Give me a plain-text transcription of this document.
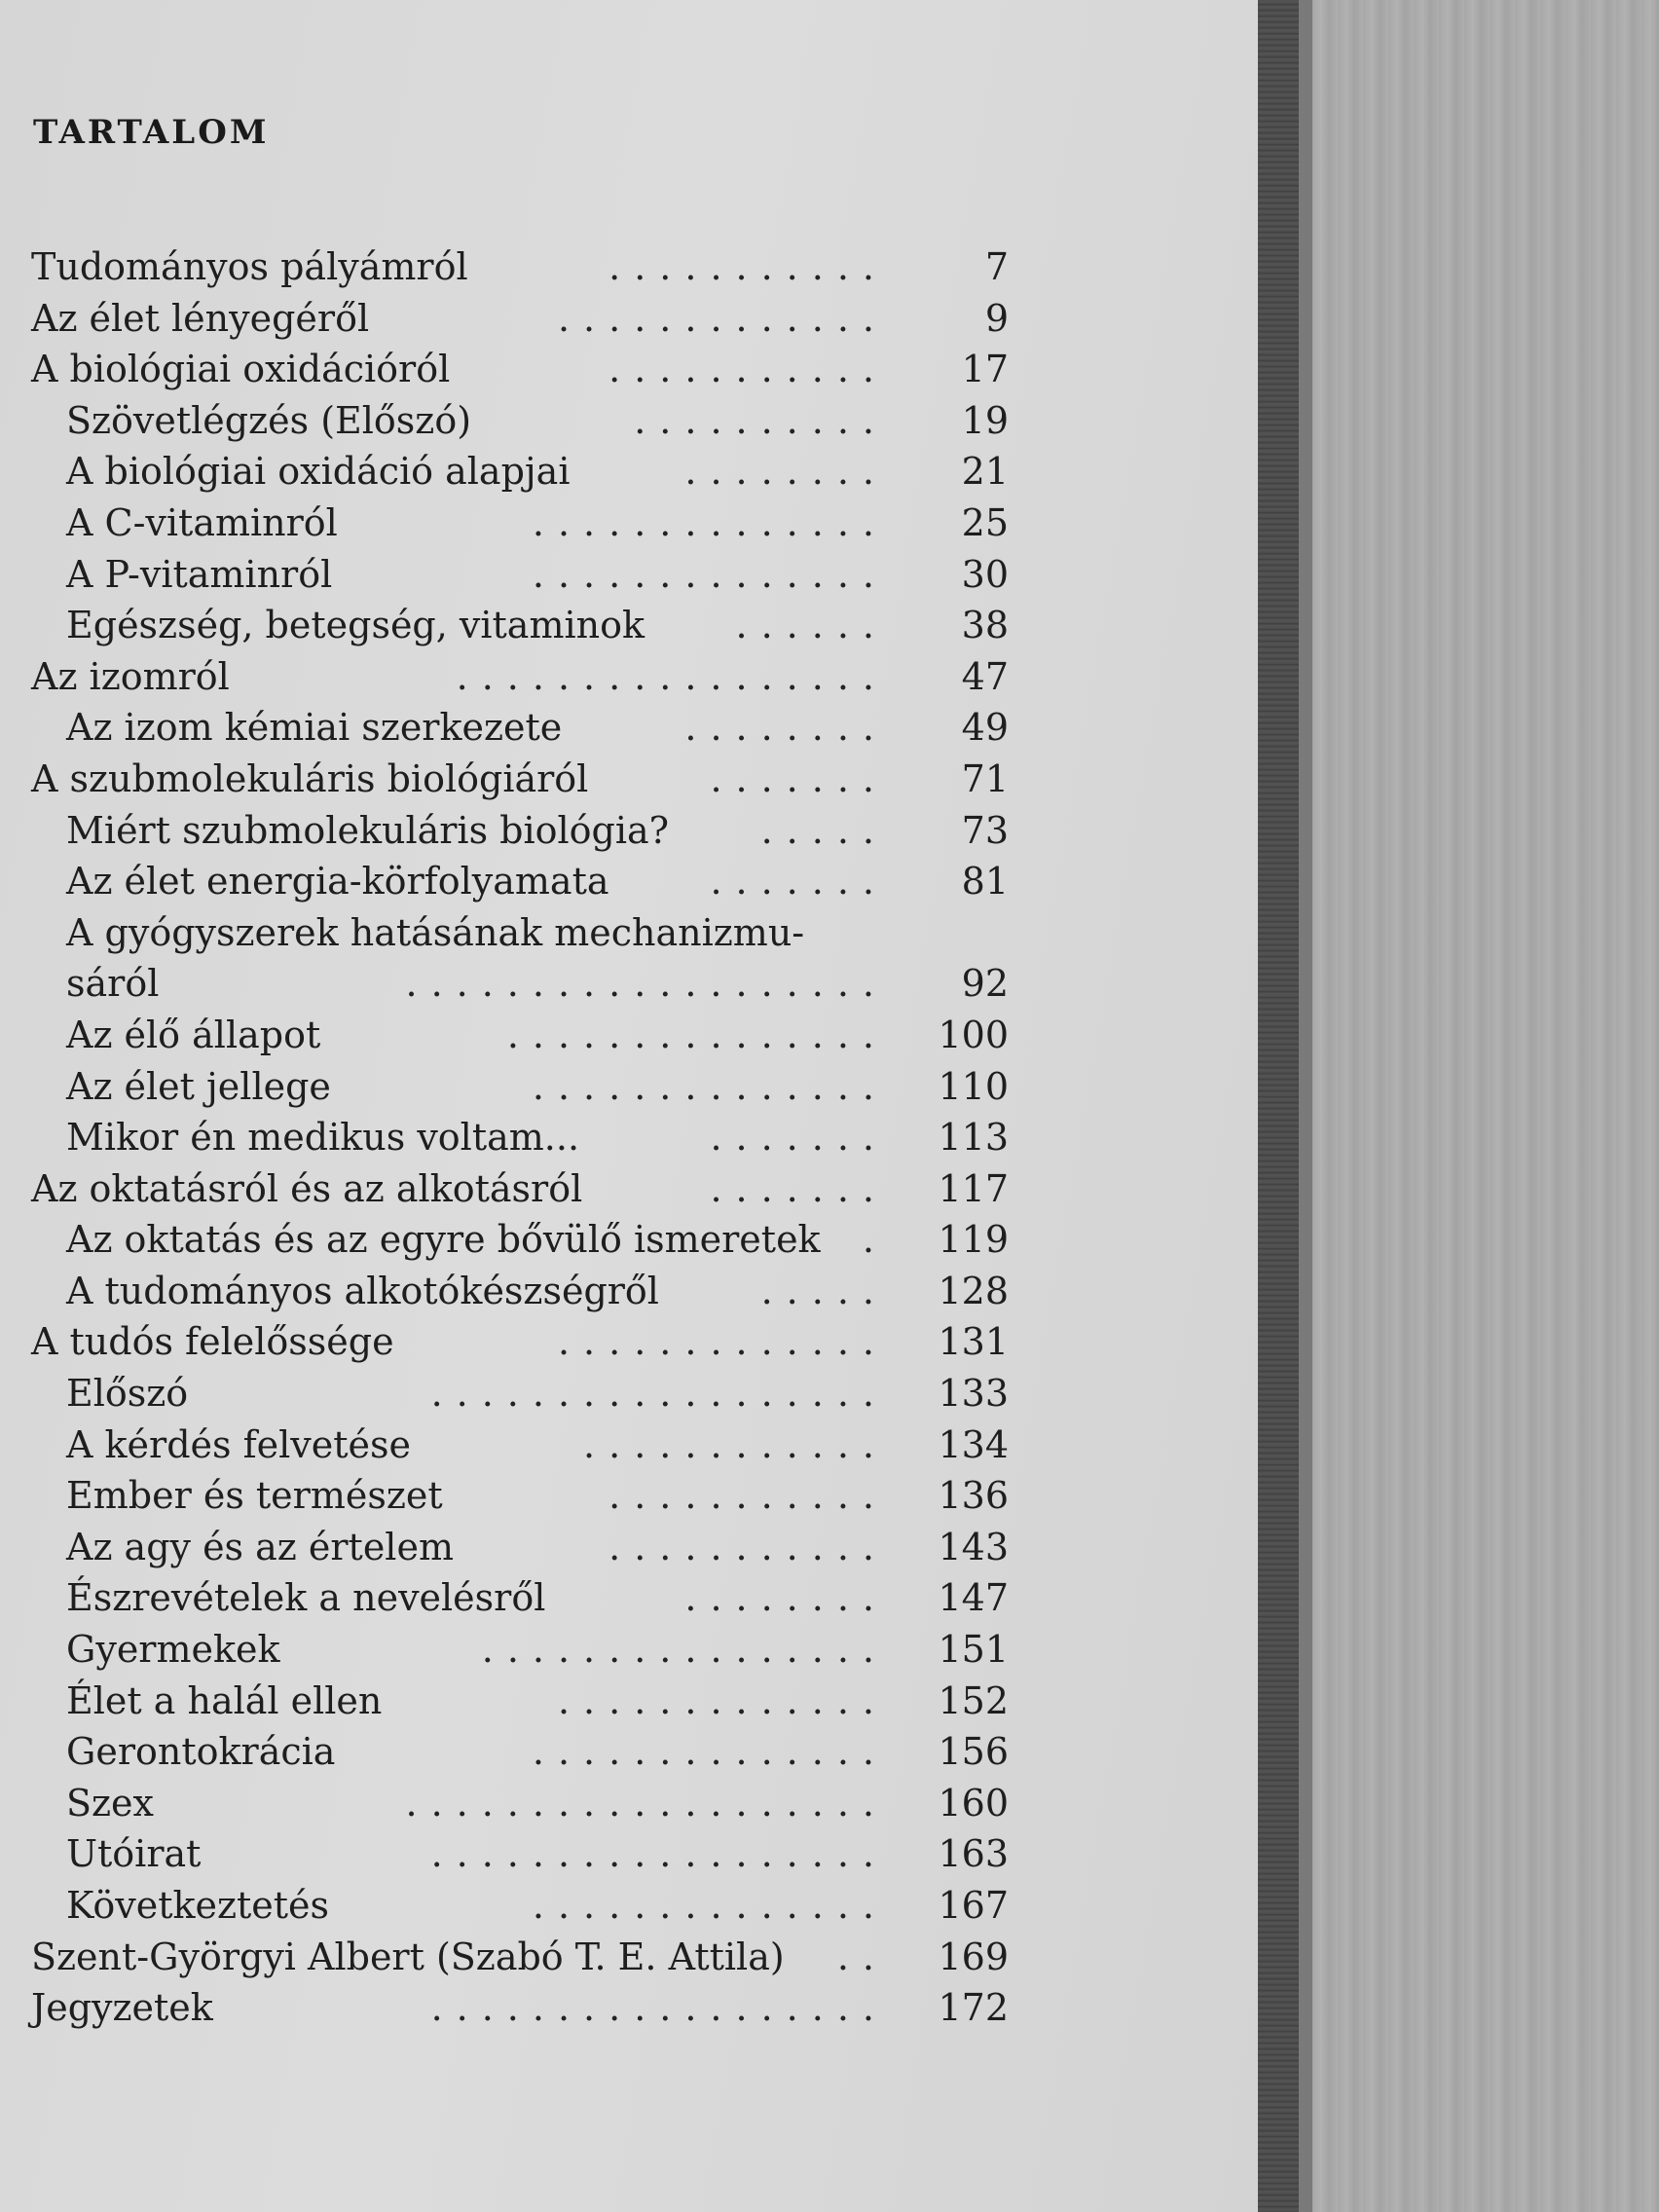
TARTALOM
Tudományos pályámról	7
...........
Az élet lényegéről	9
.............
A biológiai oxidációról	17
...........
Szövetlégzés (Előszó)	19
..........
A biológiai oxidáció alapjai	21
........
A C-vitaminról	25
..............
A P-vitaminról	30
..............
Egészség, betegség, vitaminok	38
......
Az izomról	47
.................
Az izom kémiai szerkezete	49
........
A szubmolekuláris biológiáról	71
.......
Miért szubmolekuláris biológia?	73
.....
Az élet energia-körfolyamata	81
.......
A gyógyszerek hatásának mechanizmu-
sáról	92
...................
Az élő állapot	100
...............
Az élet jellege	110
..............
Mikor én medikus voltam...	113
.......
Az oktatásról és az alkotásról	117
.......
Az oktatás és az egyre bővülő ismeretek	119
.
A tudományos alkotókészségről	128
.....
A tudós felelőssége	131
.............
Előszó	133
..................
A kérdés felvetése	134
............
Ember és természet	136
...........
Az agy és az értelem	143
...........
Észrevételek a nevelésről	147
........
Gyermekek	151
................
Élet a halál ellen	152
.............
Gerontokrácia	156
..............
Szex	160
...................
Utóirat	163
..................
Következtetés	167
..............
Szent-Györgyi Albert (Szabó T. E. Attila)	169
..
Jegyzetek	172
..................
